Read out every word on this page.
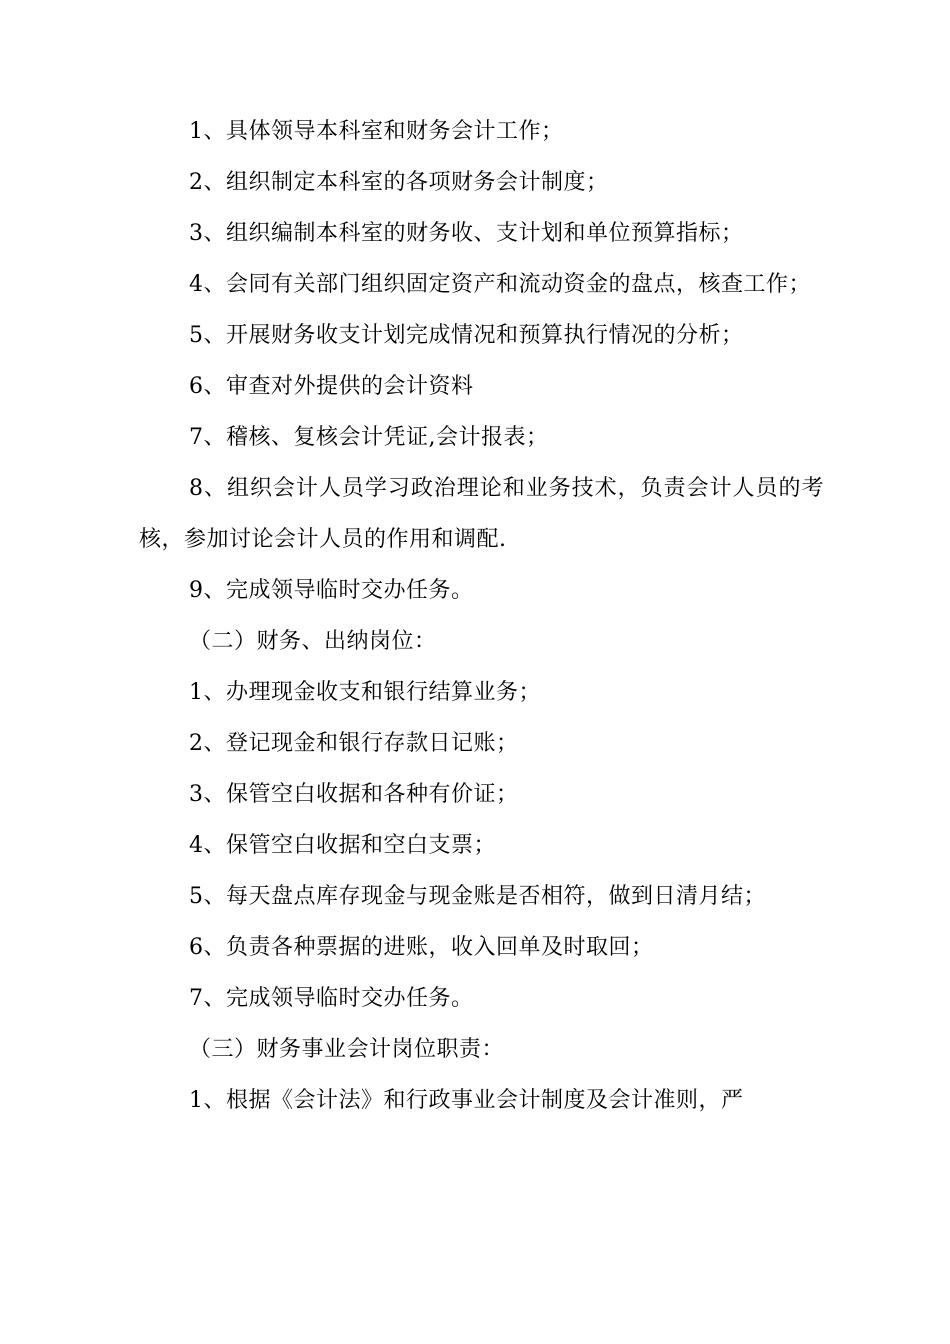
1、具体领导本科室和财务会计工作；

2、组织制定本科室的各项财务会计制度；

3、组织编制本科室的财务收、支计划和单位预算指标；

4、会同有关部门组织固定资产和流动资金的盘点，核查工作；

5、开展财务收支计划完成情况和预算执行情况的分析；

6、审查对外提供的会计资料

7、稽核、复核会计凭证,会计报表；

8、组织会计人员学习政治理论和业务技术，负责会计人员的考核，参加讨论会计人员的作用和调配.

9、完成领导临时交办任务。

（二）财务、出纳岗位：

1、办理现金收支和银行结算业务；

2、登记现金和银行存款日记账；

3、保管空白收据和各种有价证；

4、保管空白收据和空白支票；

5、每天盘点库存现金与现金账是否相符，做到日清月结；

6、负责各种票据的进账，收入回单及时取回；

7、完成领导临时交办任务。

（三）财务事业会计岗位职责：

1、根据《会计法》和行政事业会计制度及会计准则，严
